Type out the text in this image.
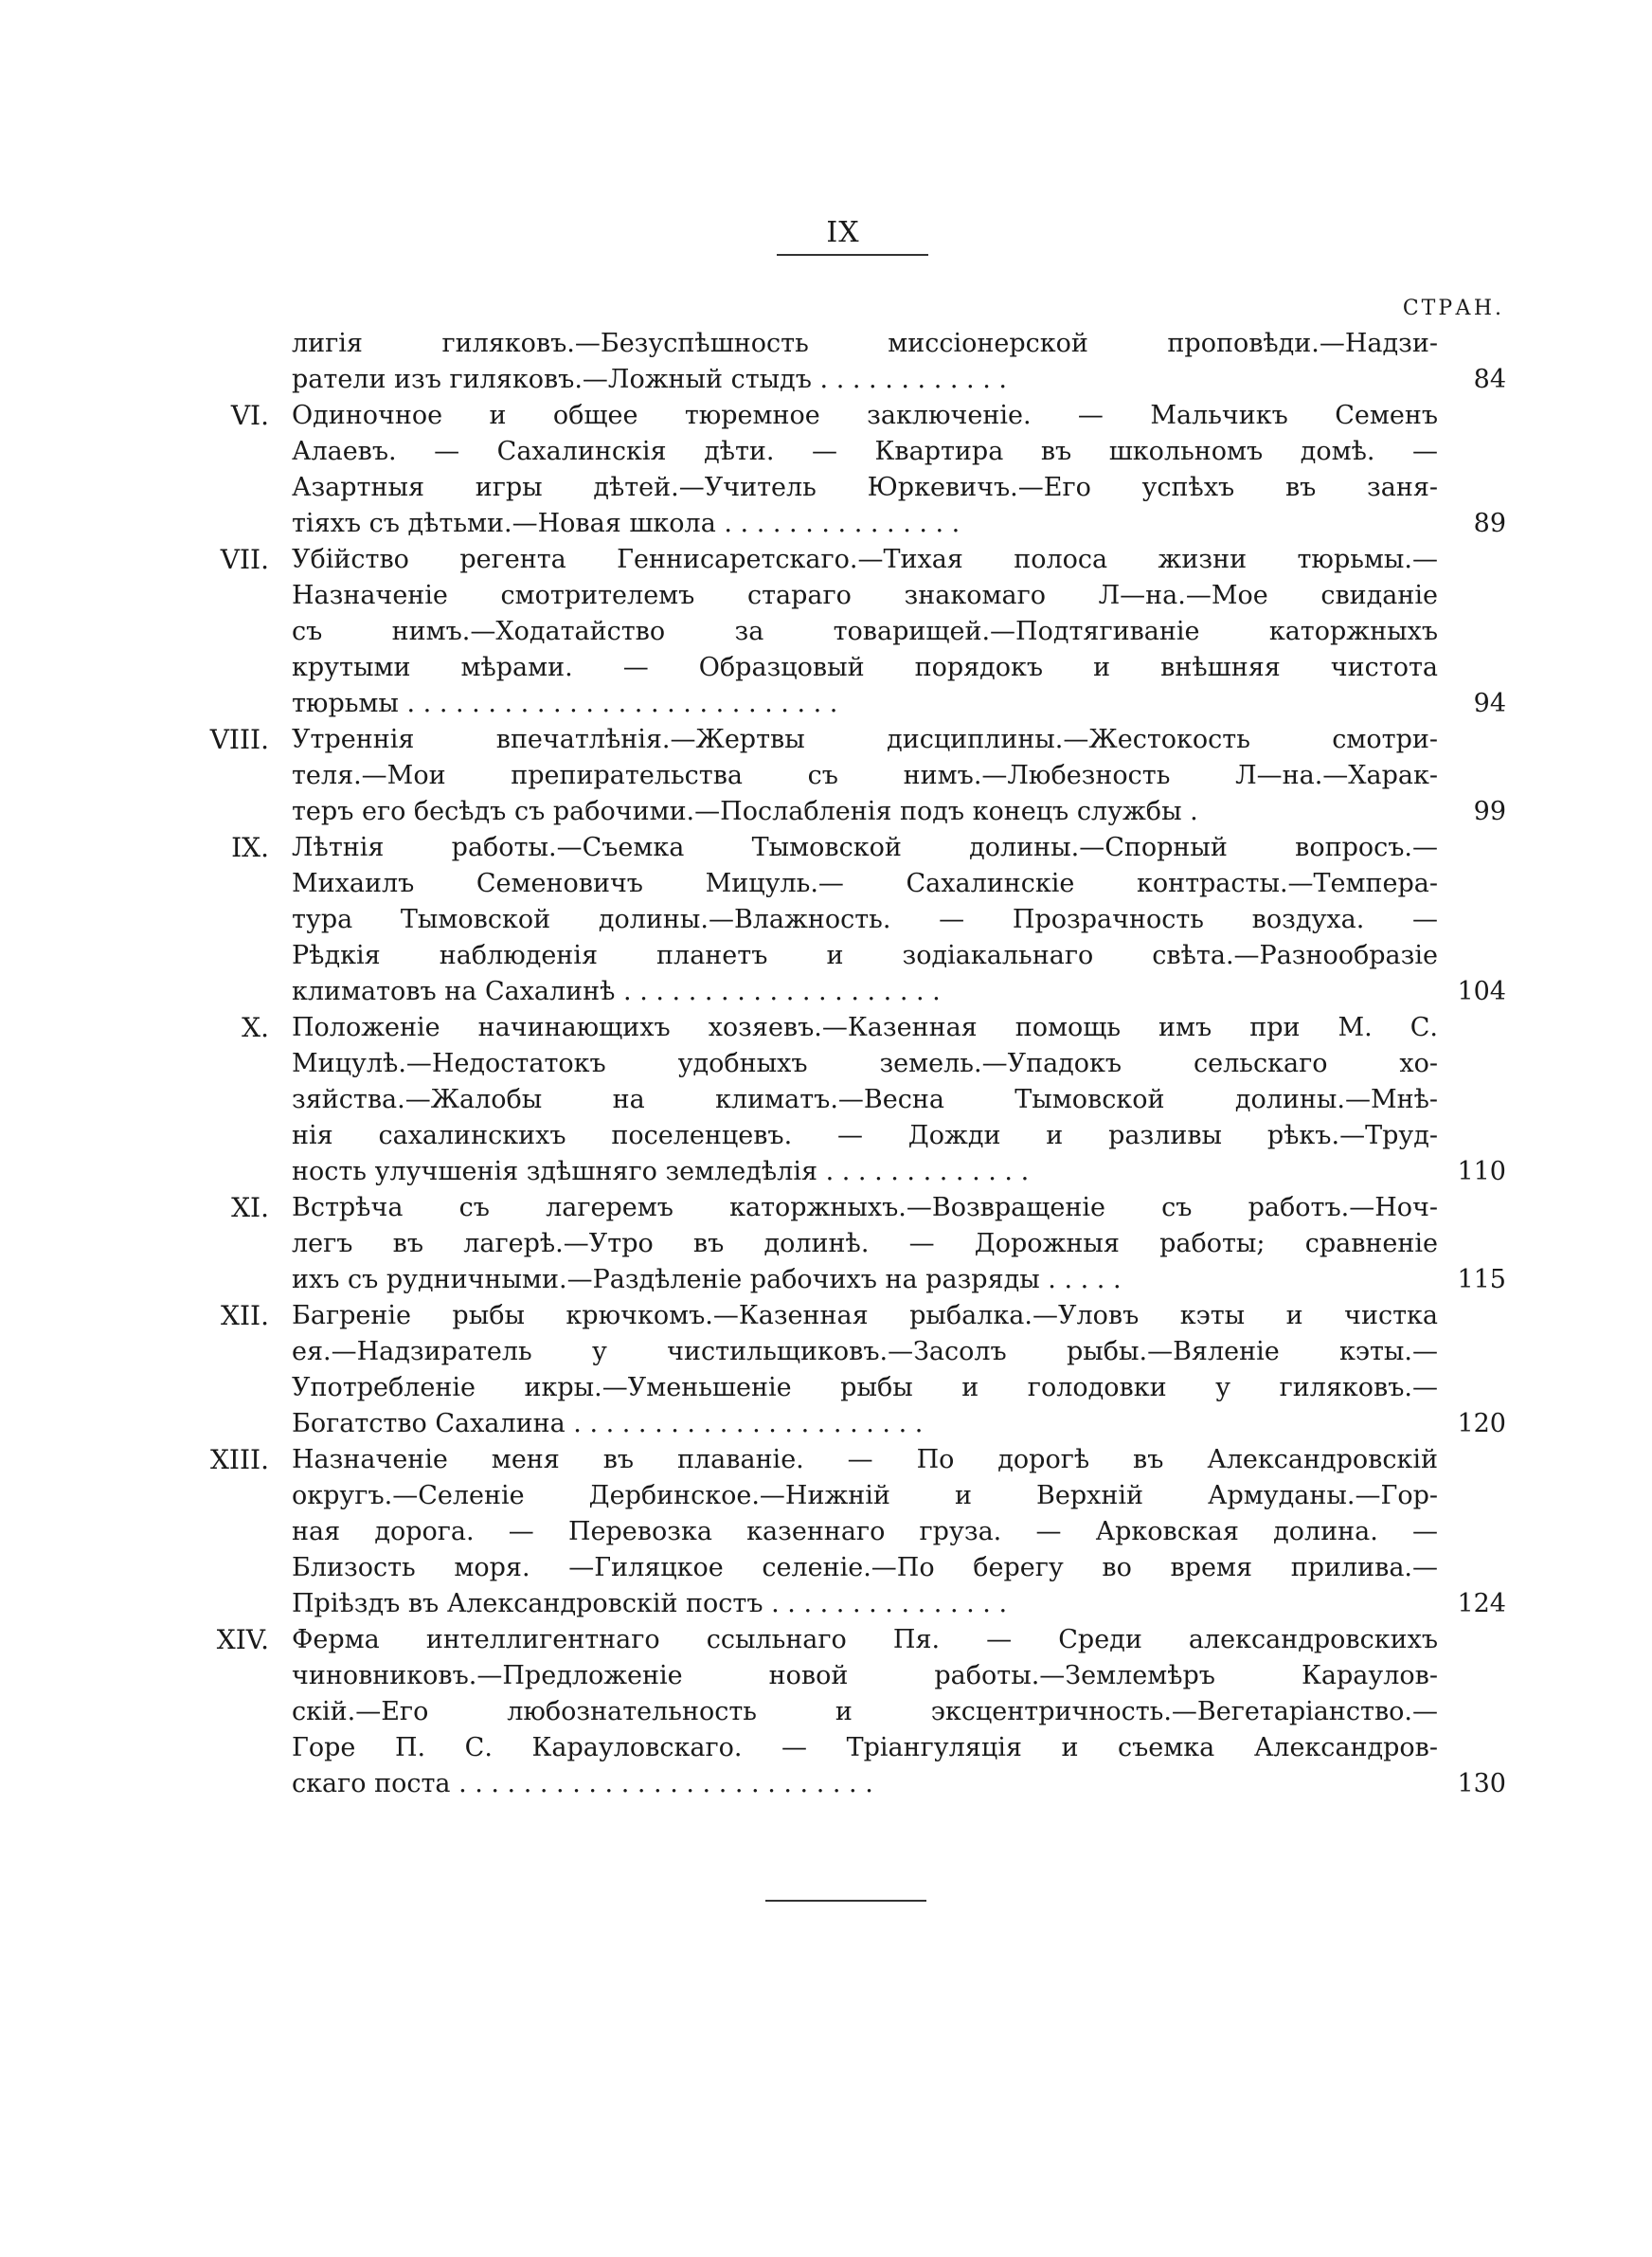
IX
СТРАН.
лигія гиляковъ.—Безуспѣшность миссіонерской проповѣди.—Надзи-
ратели изъ гиляковъ.—Ложный стыдъ . . . . . . . . . . . .	84
VI. Одиночное и общее тюремное заключеніе. — Мальчикъ Семенъ
Алаевъ. — Сахалинскія дѣти. — Квартира въ школьномъ домѣ. —
Азартныя игры дѣтей.—Учитель Юркевичъ.—Его успѣхъ въ заня-
тіяхъ съ дѣтьми.—Новая школа . . . . . . . . . . . . . . .	89
VII. Убійство регента Геннисаретскаго.—Тихая полоса жизни тюрьмы.—
Назначеніе смотрителемъ стараго знакомаго Л—на.—Мое свиданіе
съ нимъ.—Ходатайство за товарищей.—Подтягиваніе каторжныхъ
крутыми мѣрами. — Образцовый порядокъ и внѣшняя чистота
тюрьмы . . . . . . . . . . . . . . . . . . . . . . . . . . .	94
VIII. Утреннія впечатлѣнія.—Жертвы дисциплины.—Жестокость смотри-
теля.—Мои препирательства съ нимъ.—Любезность Л—на.—Харак-
теръ его бесѣдъ съ рабочими.—Послабленія подъ конецъ службы .	99
IX. Лѣтнія работы.—Съемка Тымовской долины.—Спорный вопросъ.—
Михаилъ Семеновичъ Мицуль.— Сахалинскіе контрасты.—Темпера-
тура Тымовской долины.—Влажность. — Прозрачность воздуха. —
Рѣдкія наблюденія планетъ и зодіакальнаго свѣта.—Разнообразіе
климатовъ на Сахалинѣ . . . . . . . . . . . . . . . . . . . .	104
X. Положеніе начинающихъ хозяевъ.—Казенная помощь имъ при М. С.
Мицулѣ.—Недостатокъ удобныхъ земель.—Упадокъ сельскаго хо-
зяйства.—Жалобы на климатъ.—Весна Тымовской долины.—Мнѣ-
нія сахалинскихъ поселенцевъ. — Дожди и разливы рѣкъ.—Труд-
ность улучшенія здѣшняго земледѣлія . . . . . . . . . . . . .	110
XI. Встрѣча съ лагеремъ каторжныхъ.—Возвращеніе съ работъ.—Ноч-
легъ въ лагерѣ.—Утро въ долинѣ. — Дорожныя работы; сравненіе
ихъ съ рудничными.—Раздѣленіе рабочихъ на разряды . . . . .	115
XII. Багреніе рыбы крючкомъ.—Казенная рыбалка.—Уловъ кэты и чистка
ея.—Надзиратель у чистильщиковъ.—Засолъ рыбы.—Вяленіе кэты.—
Употребленіе икры.—Уменьшеніе рыбы и голодовки у гиляковъ.—
Богатство Сахалина . . . . . . . . . . . . . . . . . . . . . .	120
XIII. Назначеніе меня въ плаваніе. — По дорогѣ въ Александровскій
округъ.—Селеніе Дербинское.—Нижній и Верхній Армуданы.—Гор-
ная дорога. — Перевозка казеннаго груза. — Арковская долина. —
Близость моря. —Гиляцкое селеніе.—По берегу во время прилива.—
Пріѣздъ въ Александровскій постъ . . . . . . . . . . . . . . .	124
XIV. Ферма интеллигентнаго ссыльнаго Пя. — Среди александровскихъ
чиновниковъ.—Предложеніе новой работы.—Землемѣръ Караулов-
скій.—Его любознательность и эксцентричность.—Вегетаріанство.—
Горе П. С. Карауловскаго. — Тріангуляція и съемка Александров-
скаго поста . . . . . . . . . . . . . . . . . . . . . . . . . .	130
